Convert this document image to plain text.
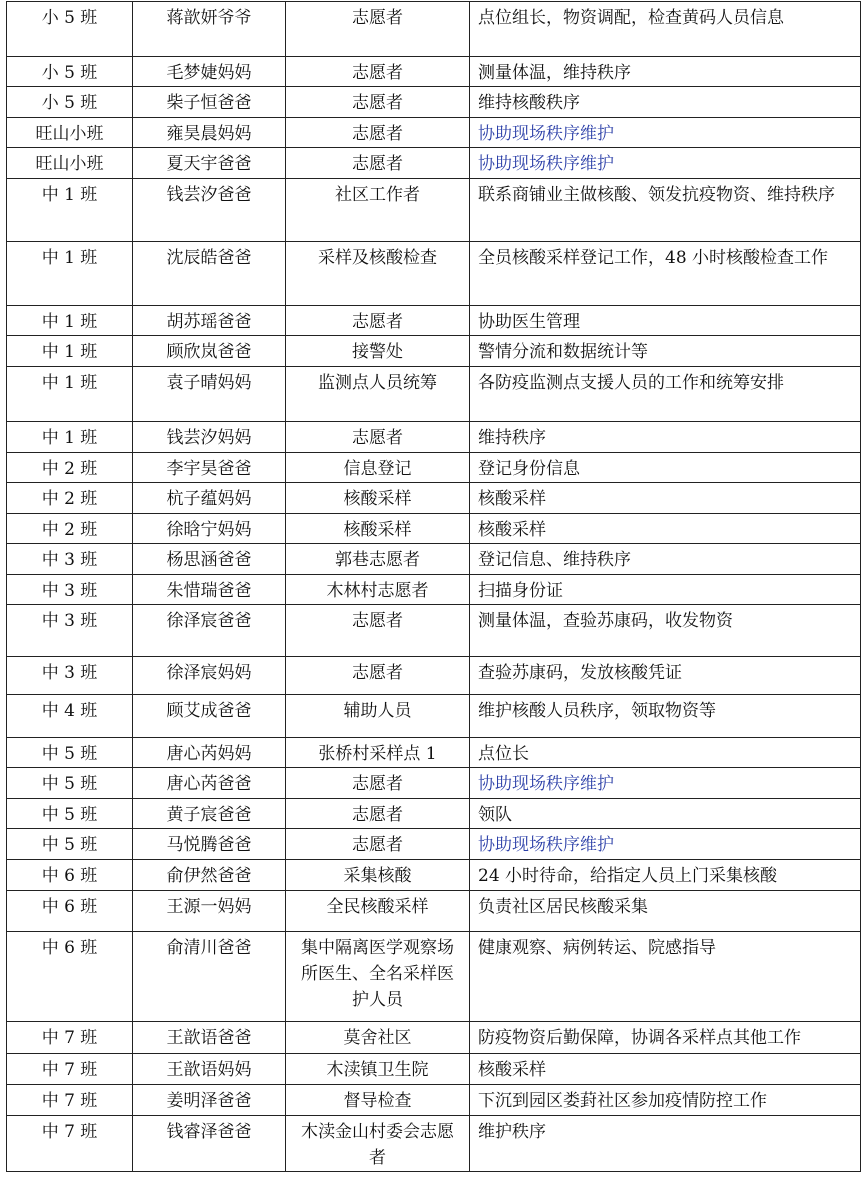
小 5 班	蒋歆妍爷爷	志愿者	点位组长，物资调配，检查黄码人员信息
小 5 班	毛梦婕妈妈	志愿者	测量体温，维持秩序
小 5 班	柴子恒爸爸	志愿者	维持核酸秩序
旺山小班	雍昊晨妈妈	志愿者	协助现场秩序维护
旺山小班	夏天宇爸爸	志愿者	协助现场秩序维护
中 1 班	钱芸汐爸爸	社区工作者	联系商铺业主做核酸、领发抗疫物资、维持秩序
中 1 班	沈辰皓爸爸	采样及核酸检查	全员核酸采样登记工作，48 小时核酸检查工作
中 1 班	胡苏瑶爸爸	志愿者	协助医生管理
中 1 班	顾欣岚爸爸	接警处	警情分流和数据统计等
中 1 班	袁子晴妈妈	监测点人员统筹	各防疫监测点支援人员的工作和统筹安排
中 1 班	钱芸汐妈妈	志愿者	维持秩序
中 2 班	李宇昊爸爸	信息登记	登记身份信息
中 2 班	杭子蕴妈妈	核酸采样	核酸采样
中 2 班	徐晗宁妈妈	核酸采样	核酸采样
中 3 班	杨思涵爸爸	郭巷志愿者	登记信息、维持秩序
中 3 班	朱惜瑞爸爸	木林村志愿者	扫描身份证
中 3 班	徐泽宸爸爸	志愿者	测量体温，查验苏康码，收发物资
中 3 班	徐泽宸妈妈	志愿者	查验苏康码，发放核酸凭证
中 4 班	顾艾成爸爸	辅助人员	维护核酸人员秩序，领取物资等
中 5 班	唐心芮妈妈	张桥村采样点 1	点位长
中 5 班	唐心芮爸爸	志愿者	协助现场秩序维护
中 5 班	黄子宸爸爸	志愿者	领队
中 5 班	马悦腾爸爸	志愿者	协助现场秩序维护
中 6 班	俞伊然爸爸	采集核酸	24 小时待命，给指定人员上门采集核酸
中 6 班	王源一妈妈	全民核酸采样	负责社区居民核酸采集
中 6 班	俞清川爸爸	集中隔离医学观察场所医生、全名采样医护人员	健康观察、病例转运、院感指导
中 7 班	王歆语爸爸	莫舍社区	防疫物资后勤保障，协调各采样点其他工作
中 7 班	王歆语妈妈	木渎镇卫生院	核酸采样
中 7 班	姜明泽爸爸	督导检查	下沉到园区娄葑社区参加疫情防控工作
中 7 班	钱睿泽爸爸	木渎金山村委会志愿者	维护秩序
